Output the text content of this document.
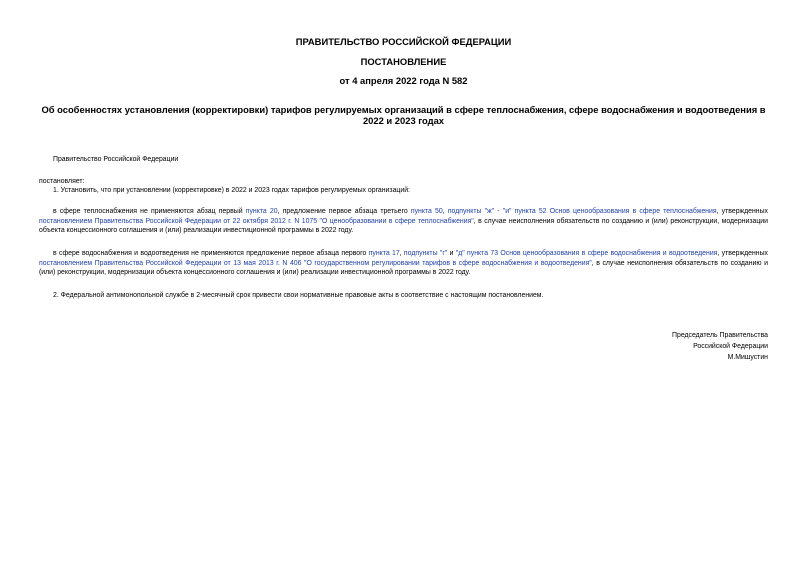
ПРАВИТЕЛЬСТВО РОССИЙСКОЙ ФЕДЕРАЦИИ
ПОСТАНОВЛЕНИЕ
от 4 апреля 2022 года N 582
Об особенностях установления (корректировки) тарифов регулируемых организаций в сфере теплоснабжения, сфере водоснабжения и водоотведения в 2022 и 2023 годах
Правительство Российской Федерации
постановляет:
1. Установить, что при установлении (корректировке) в 2022 и 2023 годах тарифов регулируемых организаций:
в сфере теплоснабжения не применяются абзац первый пункта 20, предложение первое абзаца третьего пункта 50, подпункты "ж" - "и" пункта 52 Основ ценообразования в сфере теплоснабжения, утвержденных постановлением Правительства Российской Федерации от 22 октября 2012 г. N 1075 "О ценообразовании в сфере теплоснабжения", в случае неисполнения обязательств по созданию и (или) реконструкции, модернизации объекта концессионного соглашения и (или) реализации инвестиционной программы в 2022 году.
в сфере водоснабжения и водоотведения не применяются предложение первое абзаца первого пункта 17, подпункты "г" и "д" пункта 73 Основ ценообразования в сфере водоснабжения и водоотведения, утвержденных постановлением Правительства Российской Федерации от 13 мая 2013 г. N 406 "О государственном регулировании тарифов в сфере водоснабжения и водоотведения", в случае неисполнения обязательств по созданию и (или) реконструкции, модернизации объекта концессионного соглашения и (или) реализации инвестиционной программы в 2022 году.
2. Федеральной антимонопольной службе в 2-месячный срок привести свои нормативные правовые акты в соответствие с настоящим постановлением.
Председатель Правительства
Российской Федерации
М.Мишустин
